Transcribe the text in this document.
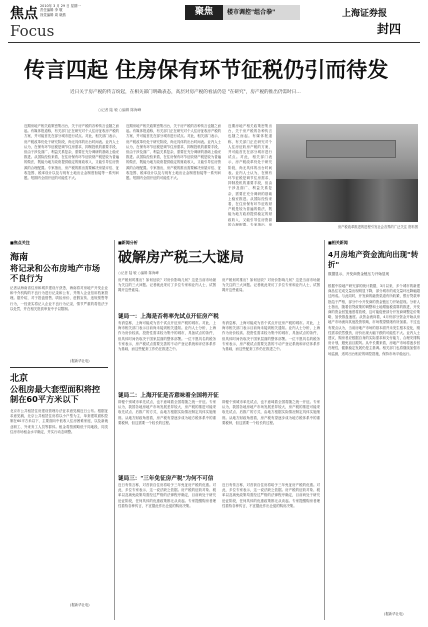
焦点 2010年 3 月 29 日 星期一
责任编辑 李 敬
视觉编辑 周 晓燕
Focus
聚焦	楼市调控"组合拳"	上海证券报
封四
传言四起 住房保有环节征税仍引而待发
近日关于房产税的传言纷起，在相关部门明确表态，高层对房产税的看法仍是 "在研究"，房产税的推出仍需时日…
○记者 陆 敏 ○编辑 陈海峰
近期房地产相关政策密集出台，关于房产税的各种传言也随之而起。有媒体报道称，有关部门正在研究对个人住房征收房产税的方案，并可能首先在部分城市进行试点。对此，相关部门表示，房产税改革仍处于研究阶段，尚无具体的出台时间表。业内人士认为，在保有环节征税是调节住房需求、抑制投机的重要手段，但由于涉及面广、利益关系复杂，需要在充分调研的基础上稳妥推进。从国际经验来看，在住房保有环节征收财产税是较为普遍的做法，既能为地方政府提供稳定的财政收入，又能引导住房资源的合理配置。专家指出，房产税的推出需要解决房屋评估、征收范围、税率设计以及与现有土地出让金制度衔接等一系列问题。短期内全面开征的可能性不大。
近期房地产相关政策密集出台，关于房产税的各种传言也随之而起。有媒体报道称，有关部门正在研究对个人住房征收房产税的方案，并可能首先在部分城市进行试点。对此，相关部门表示，房产税改革仍处于研究阶段，尚无具体的出台时间表。业内人士认为，在保有环节征税是调节住房需求、抑制投机的重要手段，但由于涉及面广、利益关系复杂，需要在充分调研的基础上稳妥推进。从国际经验来看，在住房保有环节征收财产税是较为普遍的做法，既能为地方政府提供稳定的财政收入，又能引导住房资源的合理配置。专家指出，房产税的推出需要解决房屋评估、征收范围、税率设计以及与现有土地出让金制度衔接等一系列问题。短期内全面开征的可能性不大。
近期房地产相关政策密集出台，关于房产税的各种传言也随之而起。有媒体报道称，有关部门正在研究对个人住房征收房产税的方案，并可能首先在部分城市进行试点。对此，相关部门表示，房产税改革仍处于研究阶段，尚无具体的出台时间表。业内人士认为，在保有环节征税是调节住房需求、抑制投机的重要手段，但由于涉及面广、利益关系复杂，需要在充分调研的基础上稳妥推进。从国际经验来看，在住房保有环节征收财产税是较为普遍的做法，既能为地方政府提供稳定的财政收入，又能引导住房资源的合理配置。专家指出，房
房产税改革推进的进程引发社会各界的广泛关注 资料图
■焦点关注
海南
将记录和公布房地产市场不良行为
记者从海南省住房和城乡建设厅获悉，海南将对房地产开发企业和中介机构的不良行为进行记录和公布，并纳入企业信用档案管理。据介绍，对于捂盘惜售、哄抬房价、虚假宣传、违规预售等行为，一经查实将记入企业不良行为记录，情节严重的将依法予以处罚，并在相关资质审查中予以限制。
(据新华社电)
北京
公租房最大套型面积将控制在60平方米以下
北京市公共租赁住房建设管理办法征求意见稿近日公布。根据征求意见稿，北京公共租赁住房将以小户型为主，单套建筑面积控制在60平方米以下，主要面向中低收入住房困难家庭，以及新就业职工、外来务工人员等群体。租金将按照略低于同地段、同类住房市场租金水平确定，并实行动态调整。
(据新华社电)
■新闻分析
破解房产税三大谜局
○记者 陆 敏 ○编辑 陈海峰
房产税何时推出？如何征收？对房价影响几何？这是当前市场最为关注的三大问题。记者就此采访了多位专家和业内人士，试图揭开这些谜局。
房产税何时推出？如何征收？对房价影响几何？这是当前市场最为关注的三大问题。记者就此采访了多位专家和业内人士，试图揭开这些谜局。
谜局一：上海是否将率先试点开征房产税
有消息称，上海可能成为首个试点开征房产税的城市。对此，上海市相关部门表示目前尚未接到相关通知。业内人士分析，上海作为房价较高、投资性需求较为集中的城市，具备试点的条件，但具体时间仍取决于国家层面的整体部署。一位不愿具名的税务专家表示，房产税试点需要完善的不动产登记系统和评估体系作为基础，而这些配套工作仍在推进之中。
有消息称，上海可能成为首个试点开征房产税的城市。对此，上海市相关部门表示目前尚未接到相关通知。业内人士分析，上海作为房价较高、投资性需求较为集中的城市，具备试点的条件，但具体时间仍取决于国家层面的整体部署。一位不愿具名的税务专家表示，房产税试点需要完善的不动产登记系统和评估体系作为基础，而这些配套工作仍在推进之中。
谜局二：上海开征是否意味着全国将开征
即便个别城市率先试点，也不意味着全国将随之统一开征。专家认为，我国各地房地产市场发展差异较大，房产税的推进可能采取先试点、后推广的方式，由地方根据实际情况制定具体实施细则。从地方财政角度看，房产税有望逐步成为地方税体系中的重要税种，但这需要一个较长的过程。
即便个别城市率先试点，也不意味着全国将随之统一开征。专家认为，我国各地房地产市场发展差异较大，房产税的推进可能采取先试点、后推广的方式，由地方根据实际情况制定具体实施细则。从地方财政角度看，房产税有望逐步成为地方税体系中的重要税种，但这需要一个较长的过程。
谜局三："三年免征房产税"为何不可信
近日有传言称，对首套自住房将给予三年免征房产税的优惠。对此，多位专家表示，这一说法缺乏依据。房产税的征收对象、税率以及减免政策均需经过严格的法律程序确定，目前尚处于研究论证阶段，任何具体的优惠政策都无从谈起。专家提醒购房者理性看待各种传言，不宜据此作出仓促的购房决策。
近日有传言称，对首套自住房将给予三年免征房产税的优惠。对此，多位专家表示，这一说法缺乏依据。房产税的征收对象、税率以及减免政策均需经过严格的法律程序确定，目前尚处于研究论证阶段，任何具体的优惠政策都无从谈起。专家提醒购房者理性看待各种传言，不宜据此作出仓促的购房决策。
■相关新闻
4月房地产资金流向出现"转折"
数据显示，开发商资金链压力开始显现
根据中原地产研究部的统计数据，3月以来，多个城市的新建商品住宅成交量出现明显下降，部分城市的成交量环比降幅超过两成。与此同时，开发商的融资渠道有所收紧，银行贷款审批趋于严格，部分中小开发商的资金链压力开始显现。分析人士指出，随着信贷政策的调整和土地增值税清算的推进，开发商的资金回笼速度将放缓，这可能促使部分开发商调整定价策略，加快推盘速度。从资金流向看，4月份部分资金开始从房地产市场流向其他投资领域，市场观望情绪有所加重。不过也有观点认为，当前房地产市场的基本面并未发生根本变化，刚性需求依然强劲，房价出现大幅下跌的可能性不大。业内人士建议，购房者应根据自身的实际需求和支付能力，合理安排购房计划，避免盲目跟风。从中长期来看，房地产市场将逐步回归理性，健康稳定发展仍是主基调。相关部门也将继续加强市场监测，适时出台相应的调控措施，保持市场平稳运行。
(据新华社电)
